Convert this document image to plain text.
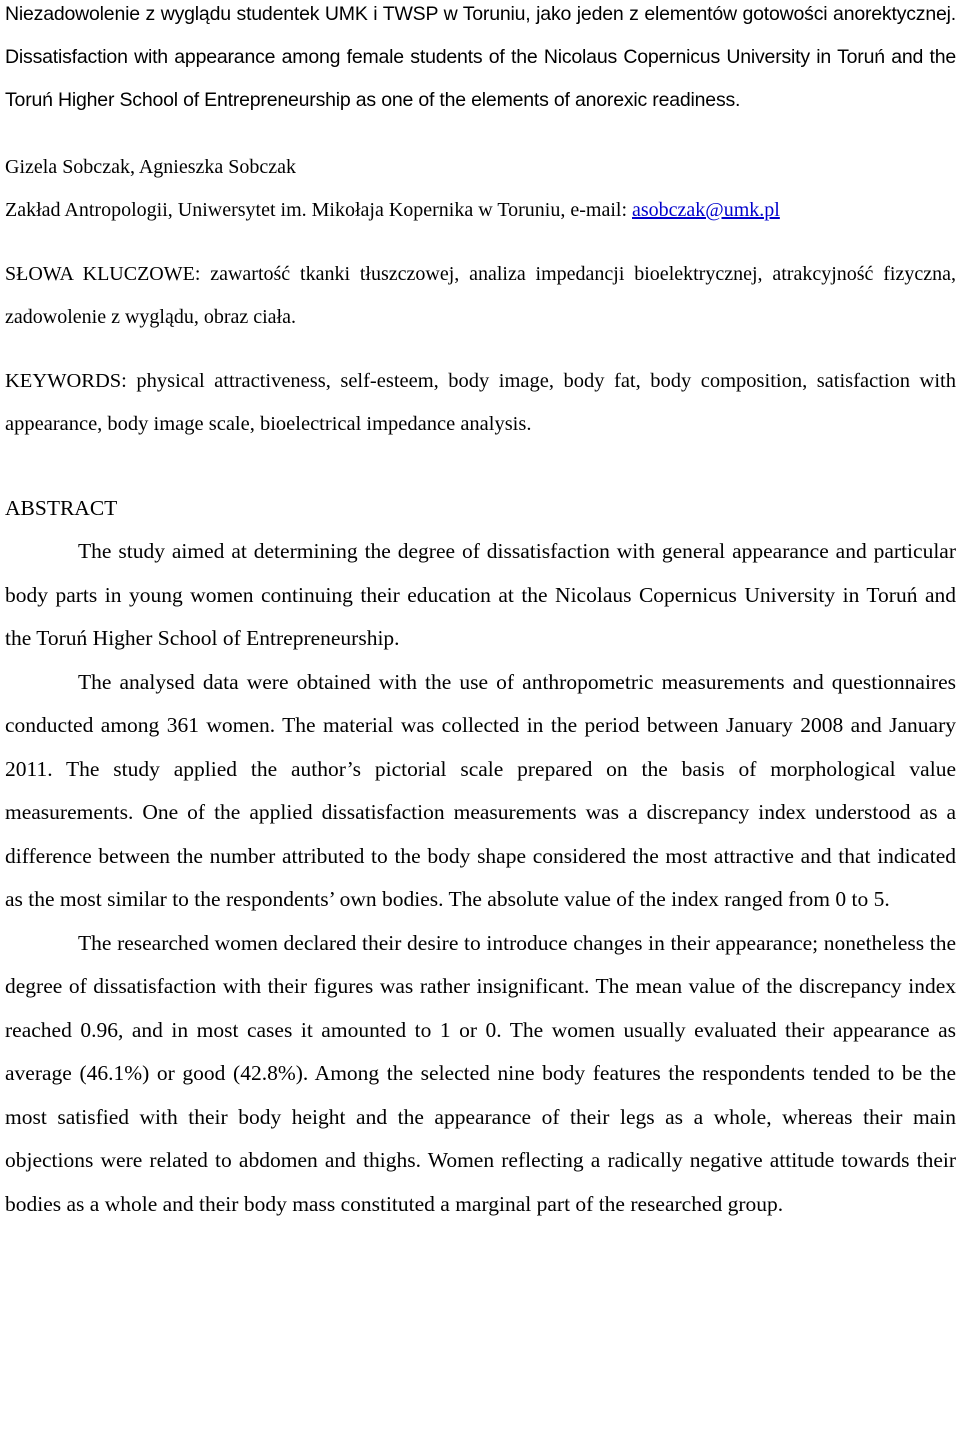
Niezadowolenie z wyglądu studentek UMK i TWSP w Toruniu, jako jeden z elementów gotowości anorektycznej. Dissatisfaction with appearance among female students of the Nicolaus Copernicus University in Toruń and the Toruń Higher School of Entrepreneurship as one of the elements of anorexic readiness.

Gizela Sobczak, Agnieszka Sobczak

Zakład Antropologii, Uniwersytet im. Mikołaja Kopernika w Toruniu, e-mail: asobczak@umk.pl

SŁOWA KLUCZOWE: zawartość tkanki tłuszczowej, analiza impedancji bioelektrycznej, atrakcyjność fizyczna, zadowolenie z wyglądu, obraz ciała.

KEYWORDS: physical attractiveness, self-esteem, body image, body fat, body composition, satisfaction with appearance, body image scale, bioelectrical impedance analysis.

ABSTRACT

The study aimed at determining the degree of dissatisfaction with general appearance and particular body parts in young women continuing their education at the Nicolaus Copernicus University in Toruń and the Toruń Higher School of Entrepreneurship.

The analysed data were obtained with the use of anthropometric measurements and questionnaires conducted among 361 women. The material was collected in the period between January 2008 and January 2011. The study applied the author’s pictorial scale prepared on the basis of morphological value measurements. One of the applied dissatisfaction measurements was a discrepancy index understood as a difference between the number attributed to the body shape considered the most attractive and that indicated as the most similar to the respondents’ own bodies. The absolute value of the index ranged from 0 to 5.

The researched women declared their desire to introduce changes in their appearance; nonetheless the degree of dissatisfaction with their figures was rather insignificant. The mean value of the discrepancy index reached 0.96, and in most cases it amounted to 1 or 0. The women usually evaluated their appearance as average (46.1%) or good (42.8%). Among the selected nine body features the respondents tended to be the most satisfied with their body height and the appearance of their legs as a whole, whereas their main objections were related to abdomen and thighs. Women reflecting a radically negative attitude towards their bodies as a whole and their body mass constituted a marginal part of the researched group.
